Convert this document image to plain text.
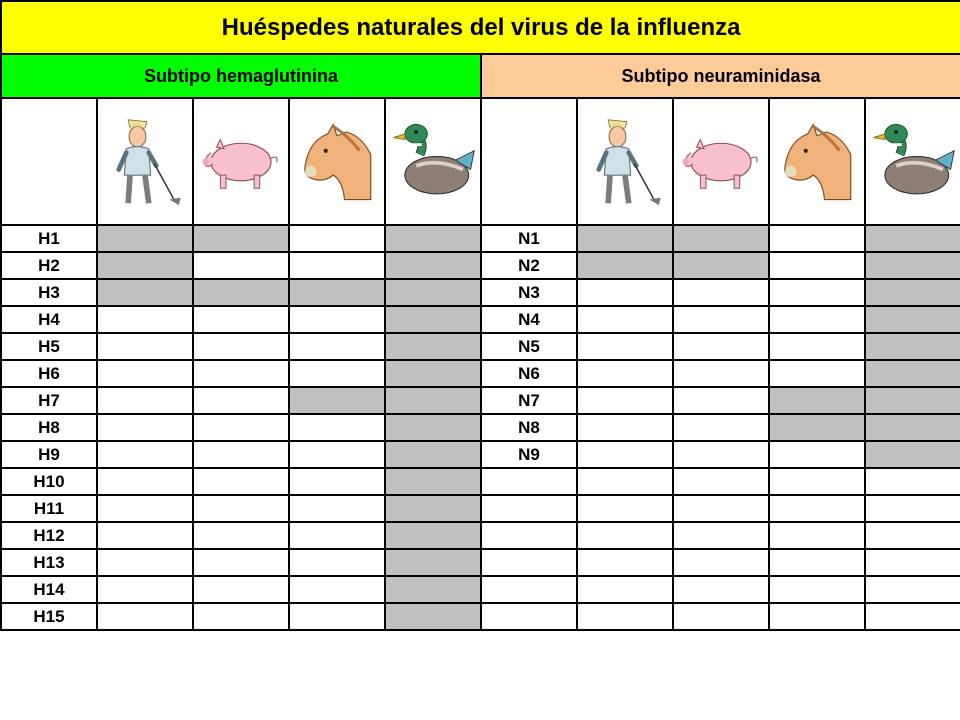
Huéspedes naturales del virus de la influenza									
Subtipo hemaglutinina					Subtipo neuraminidasa				

H1					N1				
H2					N2				
H3					N3				
H4					N4				
H5					N5				
H6					N6				
H7					N7				
H8					N8				
H9					N9				
H10									
H11									
H12									
H13									
H14									
H15									
